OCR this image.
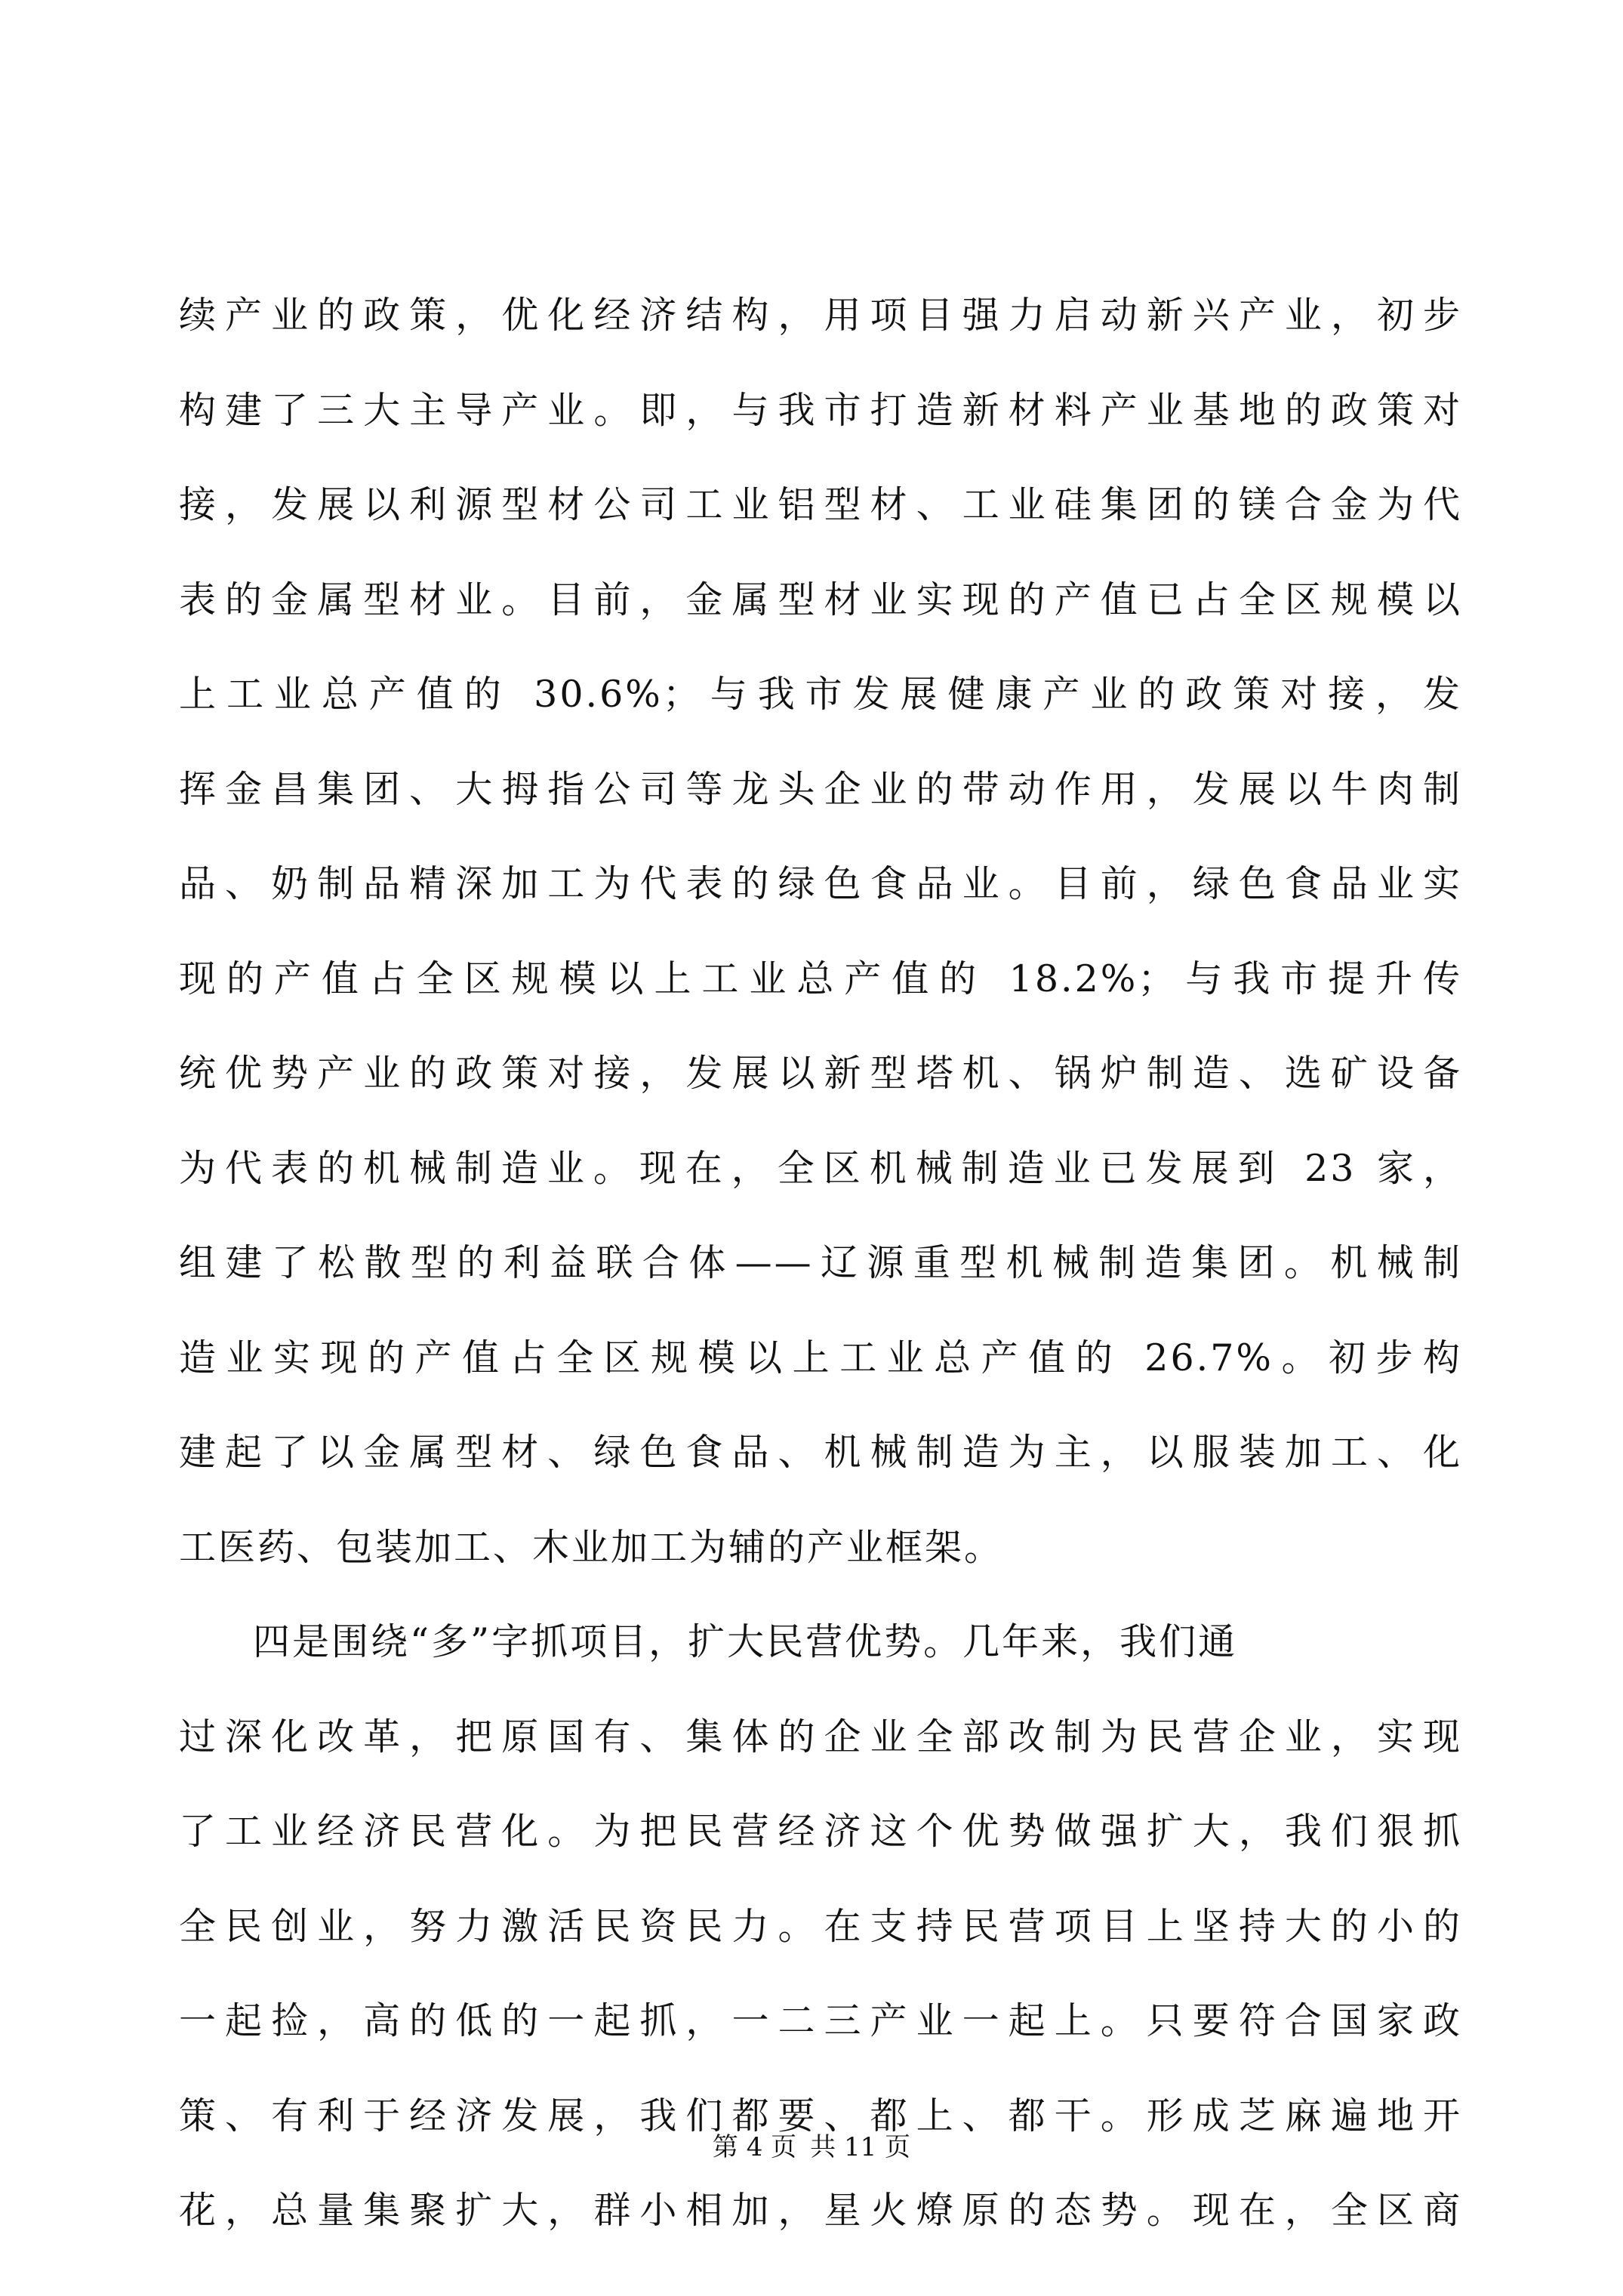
续产业的政策，优化经济结构，用项目强力启动新兴产业，初步
构建了三大主导产业。即，与我市打造新材料产业基地的政策对
接，发展以利源型材公司工业铝型材、工业硅集团的镁合金为代
表的金属型材业。目前，金属型材业实现的产值已占全区规模以
上工业总产值的 30.6%；与我市发展健康产业的政策对接，发
挥金昌集团、大拇指公司等龙头企业的带动作用，发展以牛肉制
品、奶制品精深加工为代表的绿色食品业。目前，绿色食品业实
现的产值占全区规模以上工业总产值的 18.2%；与我市提升传
统优势产业的政策对接，发展以新型塔机、锅炉制造、选矿设备
为代表的机械制造业。现在，全区机械制造业已发展到 23 家，
组建了松散型的利益联合体——辽源重型机械制造集团。机械制
造业实现的产值占全区规模以上工业总产值的 26.7%。初步构
建起了以金属型材、绿色食品、机械制造为主，以服装加工、化
工医药、包装加工、木业加工为辅的产业框架。
四是围绕“多”字抓项目，扩大民营优势。几年来，我们通
过深化改革，把原国有、集体的企业全部改制为民营企业，实现
了工业经济民营化。为把民营经济这个优势做强扩大，我们狠抓
全民创业，努力激活民资民力。在支持民营项目上坚持大的小的
一起捡，高的低的一起抓，一二三产业一起上。只要符合国家政
策、有利于经济发展，我们都要、都上、都干。形成芝麻遍地开
花，总量集聚扩大，群小相加，星火燎原的态势。现在，全区商
第 4 页 共 11 页
